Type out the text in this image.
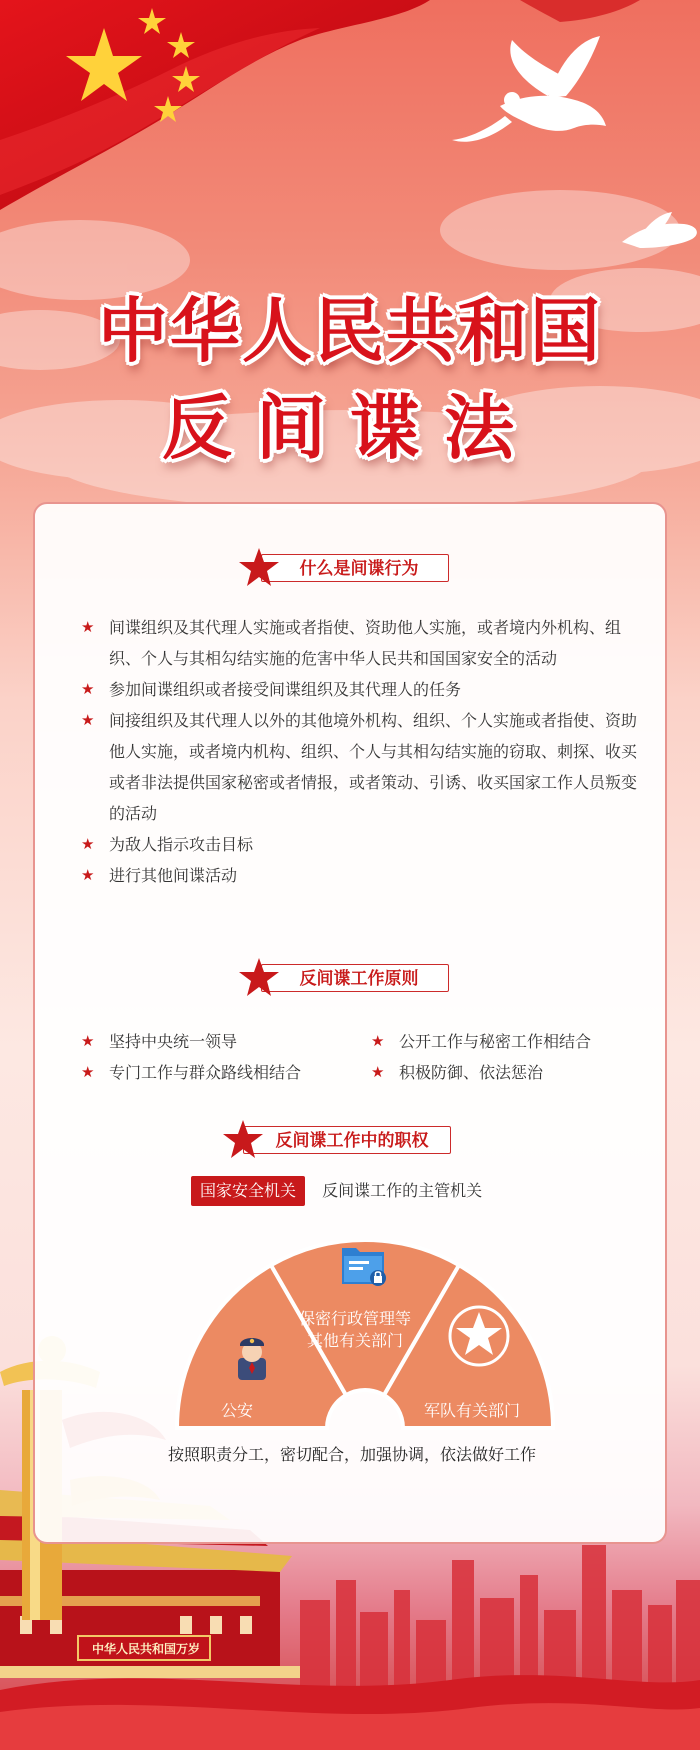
中华人民共和国万岁
中华人民共和国
反间谍法
什么是间谍行为
★ 间谍组织及其代理人实施或者指使、资助他人实施，或者境内外机构、组织、个人与其相勾结实施的危害中华人民共和国国家安全的活动
★ 参加间谍组织或者接受间谍组织及其代理人的任务
★ 间接组织及其代理人以外的其他境外机构、组织、个人实施或者指使、资助他人实施，或者境内机构、组织、个人与其相勾结实施的窃取、刺探、收买或者非法提供国家秘密或者情报，或者策动、引诱、收买国家工作人员叛变的活动
★ 为敌人指示攻击目标
★ 进行其他间谍活动
反间谍工作原则
★ 坚持中央统一领导	★ 公开工作与秘密工作相结合
★ 专门工作与群众路线相结合	★ 积极防御、依法惩治
反间谍工作中的职权
国家安全机关 反间谍工作的主管机关
公安
保密行政管理等
其他有关部门
军队有关部门
按照职责分工，密切配合，加强协调，依法做好工作
